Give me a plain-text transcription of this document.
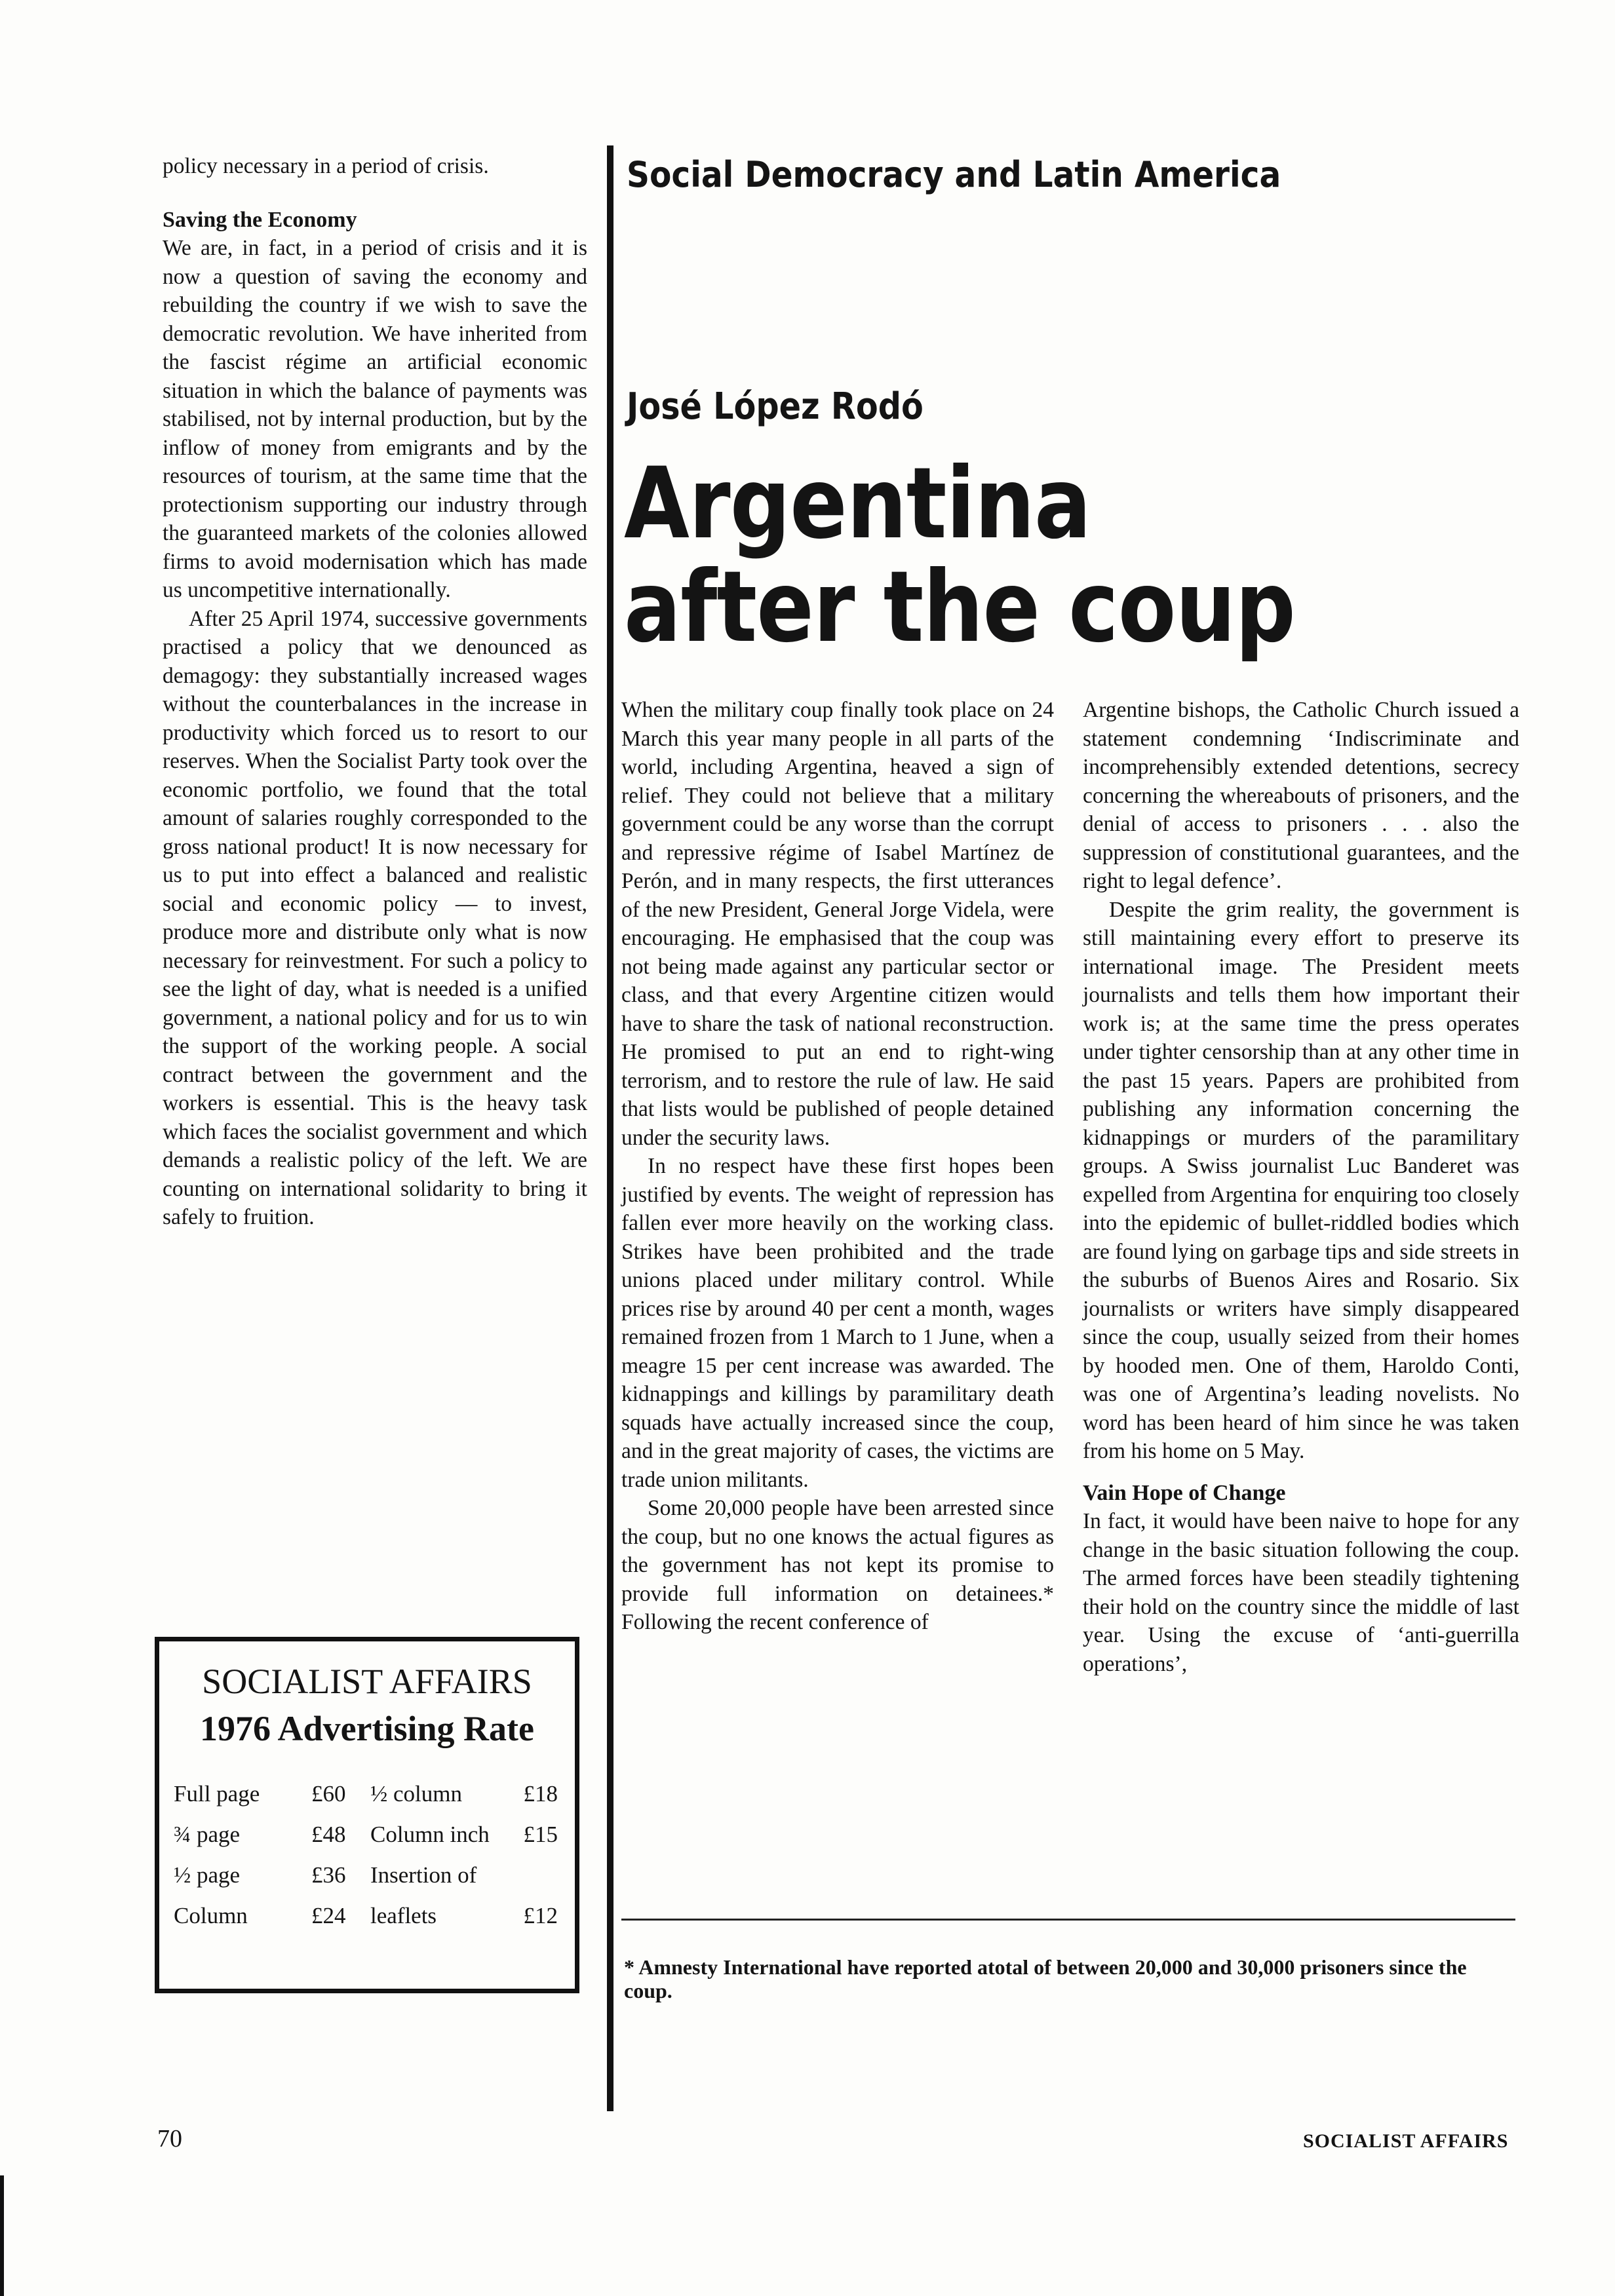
policy necessary in a period of crisis.

Saving the Economy

We are, in fact, in a period of crisis and it is now a question of saving the economy and rebuilding the country if we wish to save the democratic revolution. We have inherited from the fascist régime an artificial economic situation in which the balance of payments was stabilised, not by internal production, but by the inflow of money from emigrants and by the resources of tourism, at the same time that the protectionism supporting our industry through the guaranteed markets of the colonies allowed firms to avoid modernisation which has made us uncompetitive internationally.

After 25 April 1974, successive governments practised a policy that we denounced as demagogy: they substantially increased wages without the counterbalances in the increase in productivity which forced us to resort to our reserves. When the Socialist Party took over the economic portfolio, we found that the total amount of salaries roughly corresponded to the gross national product! It is now necessary for us to put into effect a balanced and realistic social and economic policy — to invest, produce more and distribute only what is now necessary for reinvestment. For such a policy to see the light of day, what is needed is a unified government, a national policy and for us to win the support of the working people. A social contract between the government and the workers is essential. This is the heavy task which faces the socialist government and which demands a realistic policy of the left. We are counting on international solidarity to bring it safely to fruition.

Social Democracy and Latin America
José López Rodó
Argentina
after the coup

When the military coup finally took place on 24 March this year many people in all parts of the world, including Argentina, heaved a sign of relief. They could not believe that a military government could be any worse than the corrupt and repressive régime of Isabel Martínez de Perón, and in many respects, the first utterances of the new President, General Jorge Videla, were encouraging. He emphasised that the coup was not being made against any particular sector or class, and that every Argentine citizen would have to share the task of national reconstruction. He promised to put an end to right-wing terrorism, and to restore the rule of law. He said that lists would be published of people detained under the security laws.

In no respect have these first hopes been justified by events. The weight of repression has fallen ever more heavily on the working class. Strikes have been prohibited and the trade unions placed under military control. While prices rise by around 40 per cent a month, wages remained frozen from 1 March to 1 June, when a meagre 15 per cent increase was awarded. The kidnappings and killings by paramilitary death squads have actually increased since the coup, and in the great majority of cases, the victims are trade union militants.

Some 20,000 people have been arrested since the coup, but no one knows the actual figures as the government has not kept its promise to provide full information on detainees.* Following the recent conference of

Argentine bishops, the Catholic Church issued a statement condemning ‘Indiscriminate and incomprehensibly extended detentions, secrecy concerning the whereabouts of prisoners, and the denial of access to prisoners . . . also the suppression of constitutional guarantees, and the right to legal defence’.

Despite the grim reality, the government is still maintaining every effort to preserve its international image. The President meets journalists and tells them how important their work is; at the same time the press operates under tighter censorship than at any other time in the past 15 years. Papers are prohibited from publishing any information concerning the kidnappings or murders of the paramilitary groups. A Swiss journalist Luc Banderet was expelled from Argentina for enquiring too closely into the epidemic of bullet-riddled bodies which are found lying on garbage tips and side streets in the suburbs of Buenos Aires and Rosario. Six journalists or writers have simply disappeared since the coup, usually seized from their homes by hooded men. One of them, Haroldo Conti, was one of Argentina’s leading novelists. No word has been heard of him since he was taken from his home on 5 May.

Vain Hope of Change

In fact, it would have been naive to hope for any change in the basic situation following the coup. The armed forces have been steadily tightening their hold on the country since the middle of last year. Using the excuse of ‘anti-guerrilla operations’,

SOCIALIST AFFAIRS
1976 Advertising Rate
Full page	£60	½ column	£18
¾ page	£48	Column inch	£15
½ page	£36	Insertion of
Column	£24	leaflets	£12
* Amnesty International have reported atotal of between 20,000 and 30,000 prisoners since the coup.
70	SOCIALIST AFFAIRS
